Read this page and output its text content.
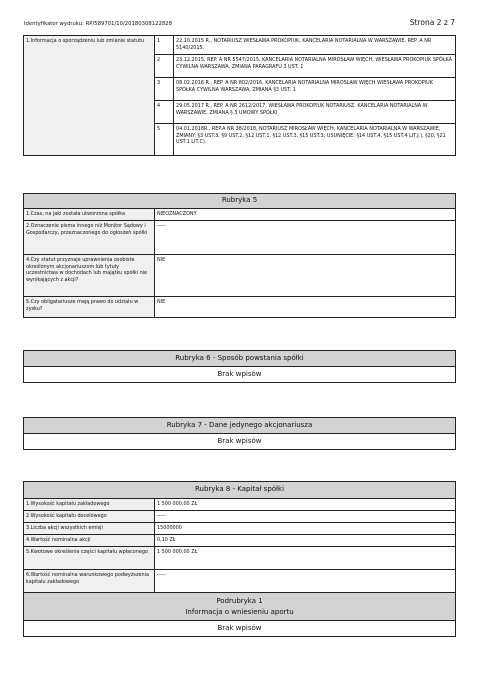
Identyfikator wydruku: RP/589701/10/20180308122828	Strona 2 z 7
1.Informacja o sporządzeniu lub zmianie statutu	1	22.10.2015 R., NOTARIUSZ WIESŁAWA PROKOPIUK, KANCELARIA NOTARIALNA W WARSZAWIE, REP. A NR 5140/2015.
	2	23.12.2015, REP. A NR 5547/2015, KANCELARIA NOTARIALNA MIROSŁAW WIĘCH, WIESŁAWA PROKOPIUK SPÓŁKA CYWILNA WARSZAWA, ZMIANA PARAGRAFU 3 UST. 1
	3	08.02.2016 R., REP. A NR 802/2016, KANCELARIA NOTARIALNA MIROSŁAW WIĘCH WIESŁAWA PROKOPIUK SPÓŁKA CYWILNA WARSZAWA, ZMIANA §3 UST. 1
	4	29.05.2017 R., REP. A NR 2612/2017, WIESŁAWA PROKOPIUK NOTARIUSZ, KANCELARIA NOTARIALNA W WARSZAWIE, ZMIANA § 3 UMOWY SPÓŁKI
	5	04.01.2018R., REP.A NR 38/2018, NOTARIUSZ MIROSŁAW WIĘCH, KANCELARIA NOTARIALNA W WARSZAWIE, ZMIANY: §3 UST.3, §9 UST.2, §12 UST.1, §12 UST.3, §15 UST.3; USUNIĘCIE: §14 UST.4, §15 UST.4 LIT.J.), §20, §21 UST.1 LIT.C).
Rubryka 5	
1.Czas, na jaki została utworzona spółka	NIEOZNACZONY
2.Oznaczenie pisma innego niż Monitor Sądowy i Gospodarczy, przeznaczonego do ogłoszeń spółki	-----
4.Czy statut przyznaje uprawnienia osobiste określonym akcjonariuszom lub tytuły uczestnictwa w dochodach lub majątku spółki nie wynikających z akcji?	NIE
5.Czy obligatariusze mają prawo do udziału w zysku?	NIE
Rubryka 6 - Sposób powstania spółki
Brak wpisów
Rubryka 7 - Dane jedynego akcjonariusza
Brak wpisów
Rubryka 8 - Kapitał spółki	
1.Wysokość kapitału zakładowego	1 500 000,00 ZŁ
2.Wysokość kapitału docelowego	-----
3.Liczba akcji wszystkich emisji	15000000
4.Wartość nominalna akcji	0,10 ZŁ
5.Kwotowe określenie części kapitału wpłaconego	1 500 000,00 ZŁ
6.Wartość nominalna warunkowego podwyższenia kapitału zakładowego	-----

Podrubryka 1
Informacja o wniesieniu aportu	

Brak wpisów	
